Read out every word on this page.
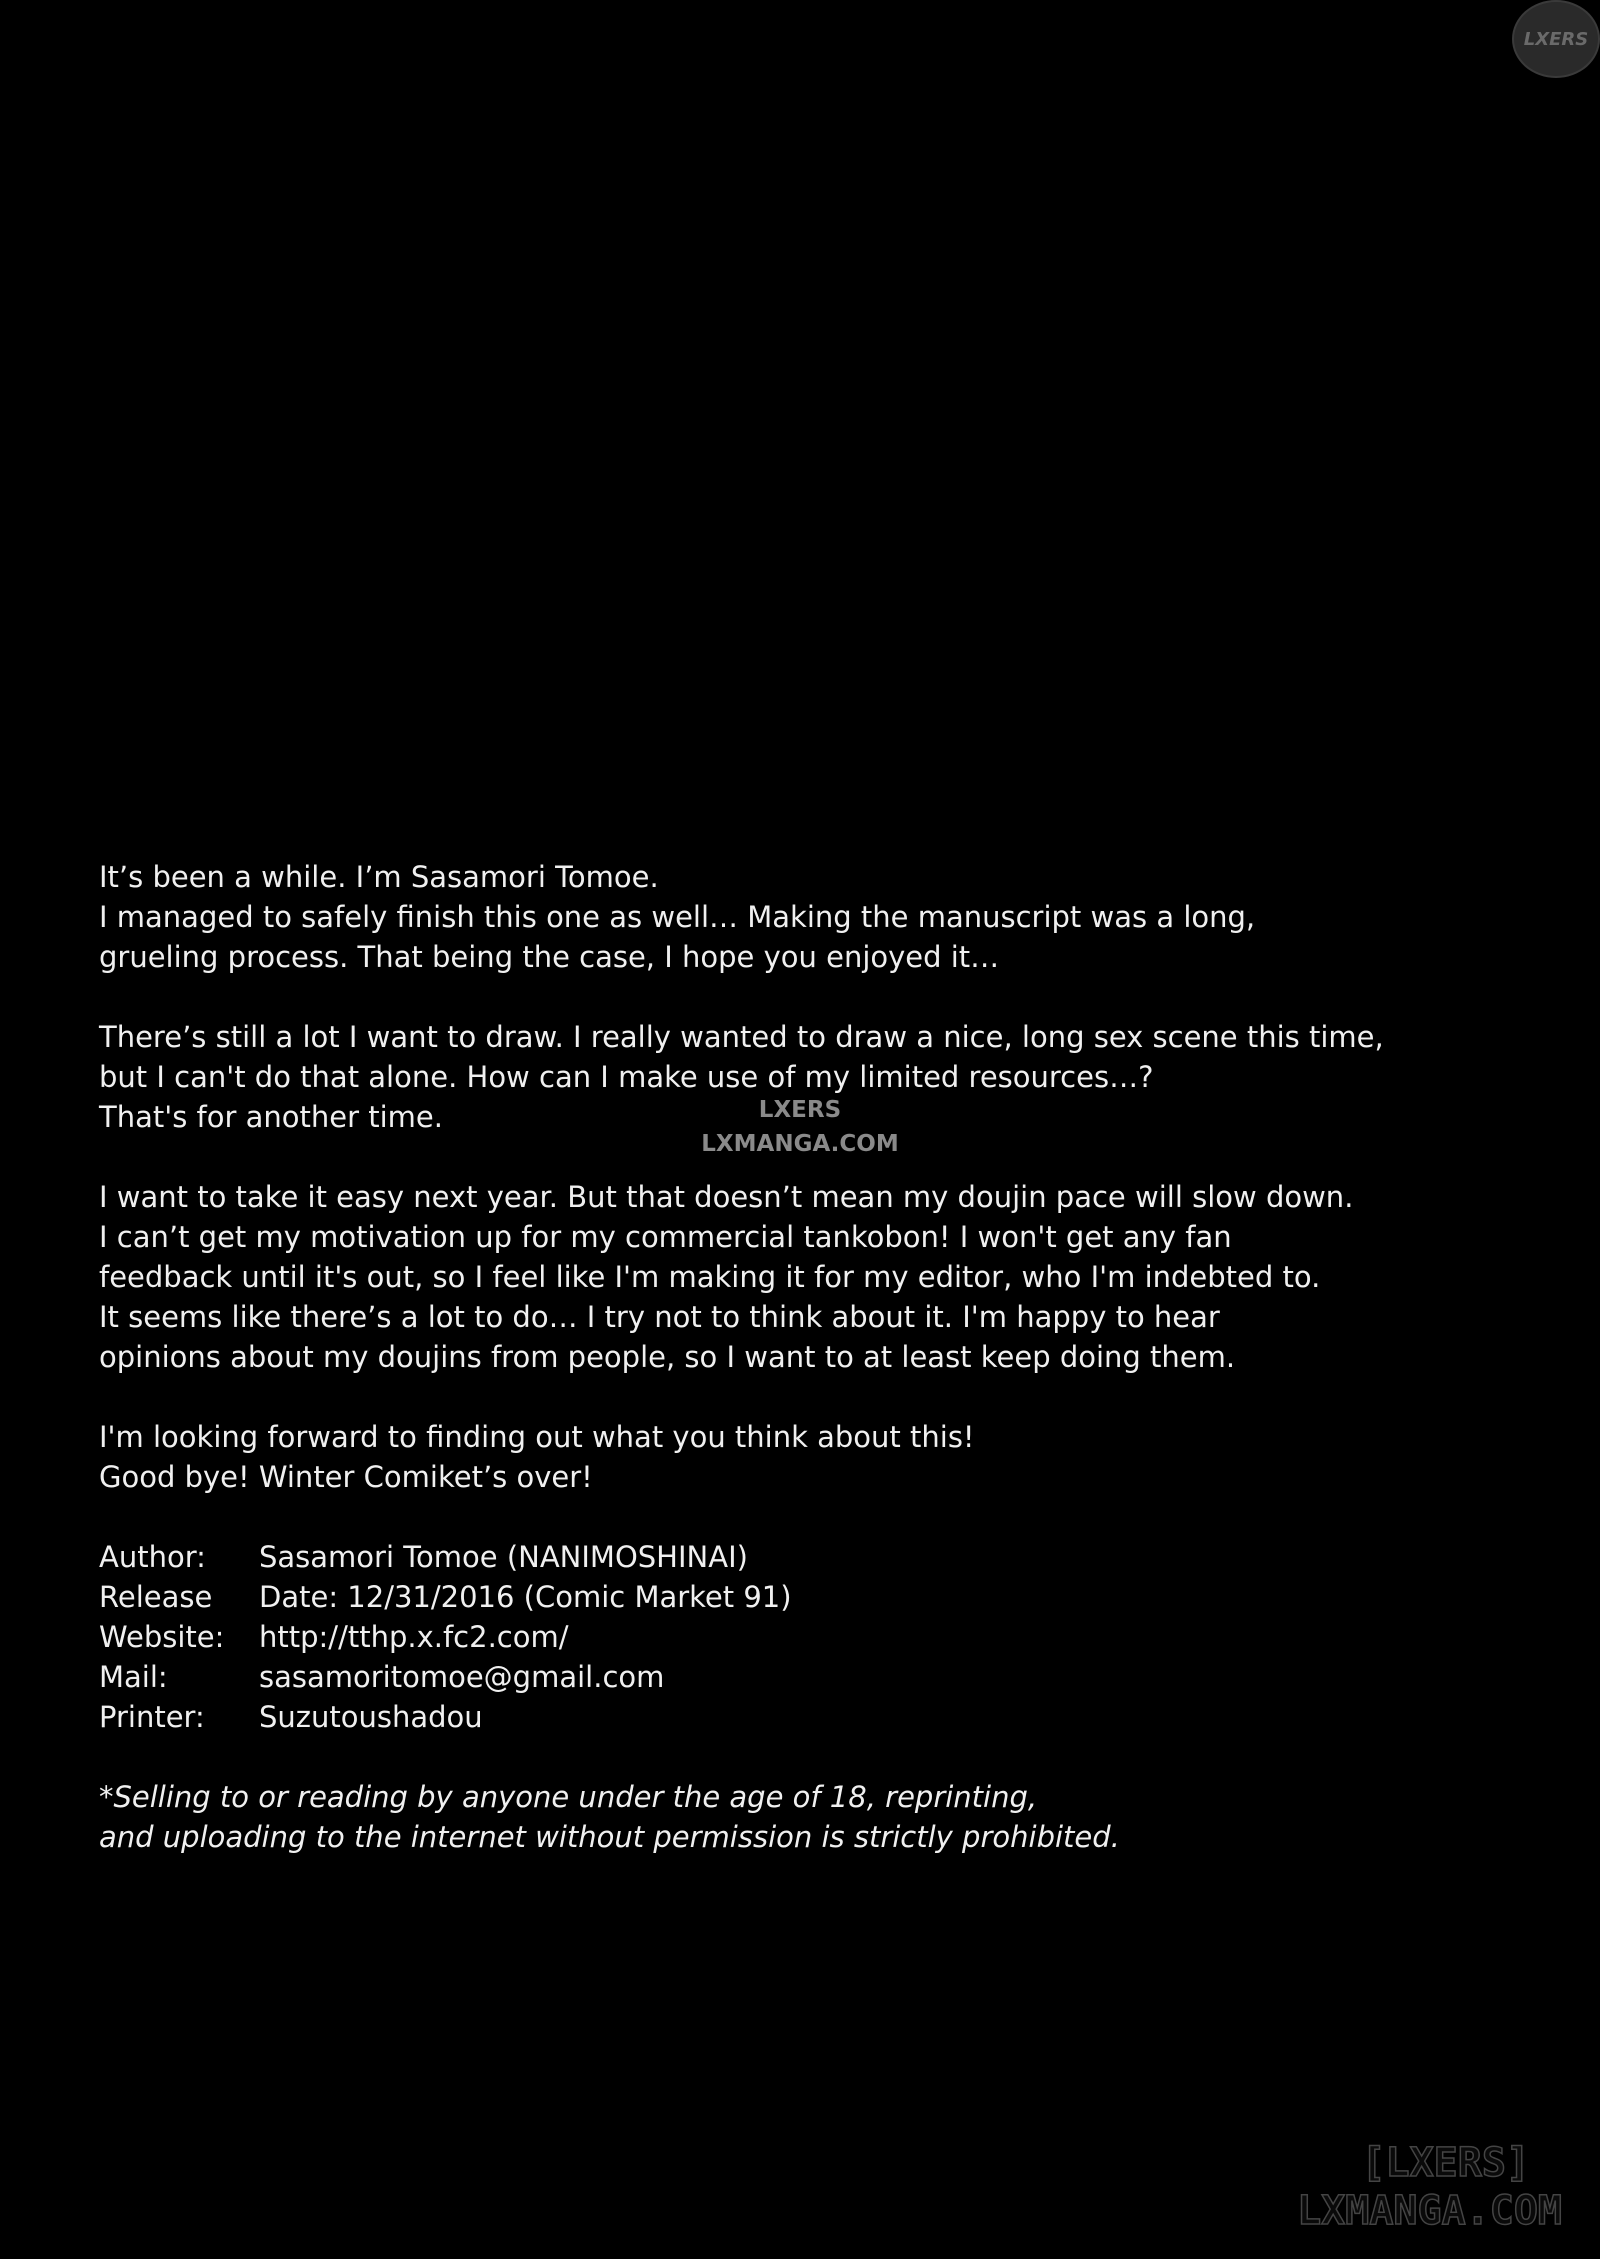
LXERS
It’s been a while. I’m Sasamori Tomoe.
I managed to safely finish this one as well… Making the manuscript was a long,
grueling process. That being the case, I hope you enjoyed it…
There’s still a lot I want to draw. I really wanted to draw a nice, long sex scene this time,
but I can't do that alone. How can I make use of my limited resources…?
That's for another time.
I want to take it easy next year. But that doesn’t mean my doujin pace will slow down.
I can’t get my motivation up for my commercial tankobon! I won't get any fan
feedback until it's out, so I feel like I'm making it for my editor, who I'm indebted to.
It seems like there’s a lot to do… I try not to think about it. I'm happy to hear
opinions about my doujins from people, so I want to at least keep doing them.
I'm looking forward to finding out what you think about this!
Good bye! Winter Comiket’s over!
Author:	Sasamori Tomoe (NANIMOSHINAI)
Release	Date: 12/31/2016 (Comic Market 91)
Website:	http://tthp.x.fc2.com/
Mail:	sasamoritomoe@gmail.com
Printer:	Suzutoushadou
*Selling to or reading by anyone under the age of 18, reprinting,
and uploading to the internet without permission is strictly prohibited.
LXERS
LXMANGA.COM
[LXERS]
LXMANGA.COM
